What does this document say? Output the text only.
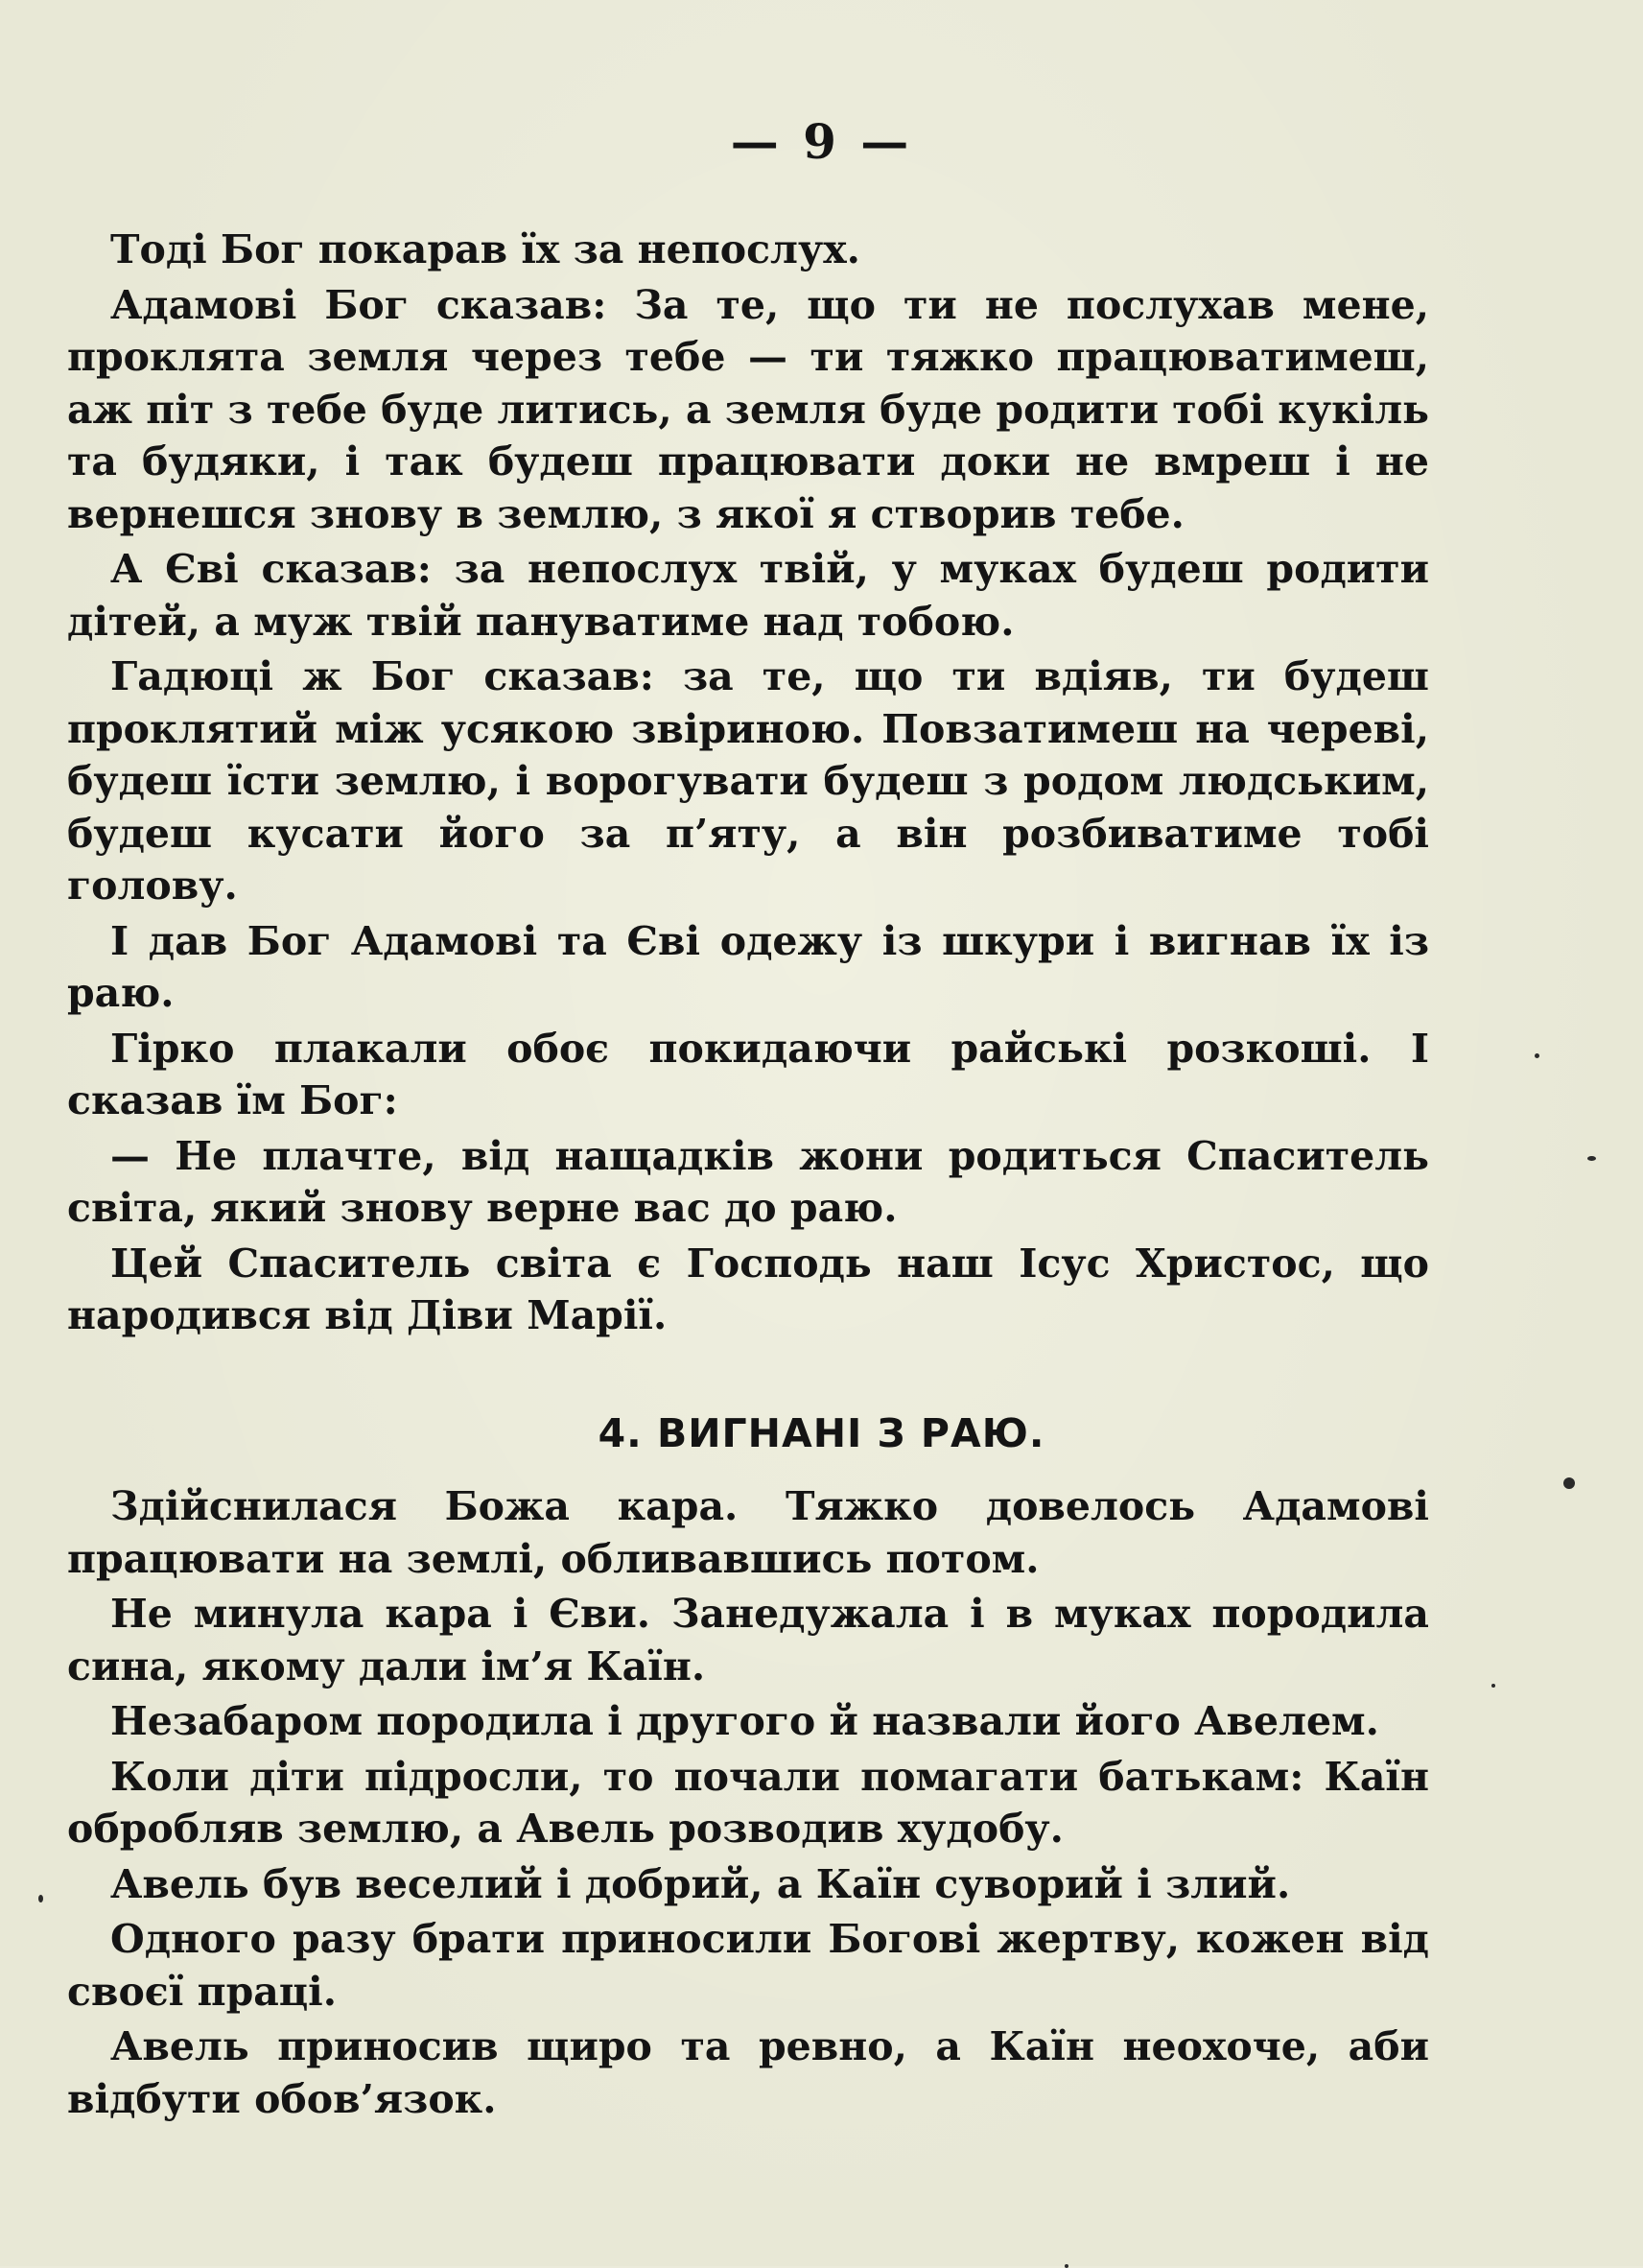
— 9 —

Тоді Бог покарав їх за непослух.

Адамові Бог сказав: За те, що ти не послухав мене, проклята земля через тебе — ти тяжко працюватимеш, аж піт з тебе буде литись, а земля буде родити тобі кукіль та будяки, і так будеш працювати доки не вмреш і не вернешся знову в землю, з якої я створив тебе.

А Єві сказав: за непослух твій, у муках будеш родити дітей, а муж твій пануватиме над тобою.

Гадюці ж Бог сказав: за те, що ти вдіяв, ти будеш проклятий між усякою звіриною. Повзатимеш на череві, будеш їсти землю, і ворогувати будеш з родом людським, будеш кусати його за п’яту, а він розбиватиме тобі голову.

І дав Бог Адамові та Єві одежу із шкури і вигнав їх із раю.

Гірко плакали обоє покидаючи райські розкоші. І сказав їм Бог:

— Не плачте, від нащадків жони родиться Спаситель світа, який знову верне вас до раю.

Цей Спаситель світа є Господь наш Ісус Христос, що народився від Діви Марії.

4. ВИГНАНІ З РАЮ.

Здійснилася Божа кара. Тяжко довелось Адамові працювати на землі, обливавшись потом.

Не минула кара і Єви. Занедужала і в муках породила сина, якому дали ім’я Каїн.

Незабаром породила і другого й назвали його Авелем.

Коли діти підросли, то почали помагати батькам: Каїн обробляв землю, а Авель розводив худобу.

Авель був веселий і добрий, а Каїн суворий і злий.

Одного разу брати приносили Богові жертву, кожен від своєї праці.

Авель приносив щиро та ревно, а Каїн неохоче, аби відбути обов’язок.
